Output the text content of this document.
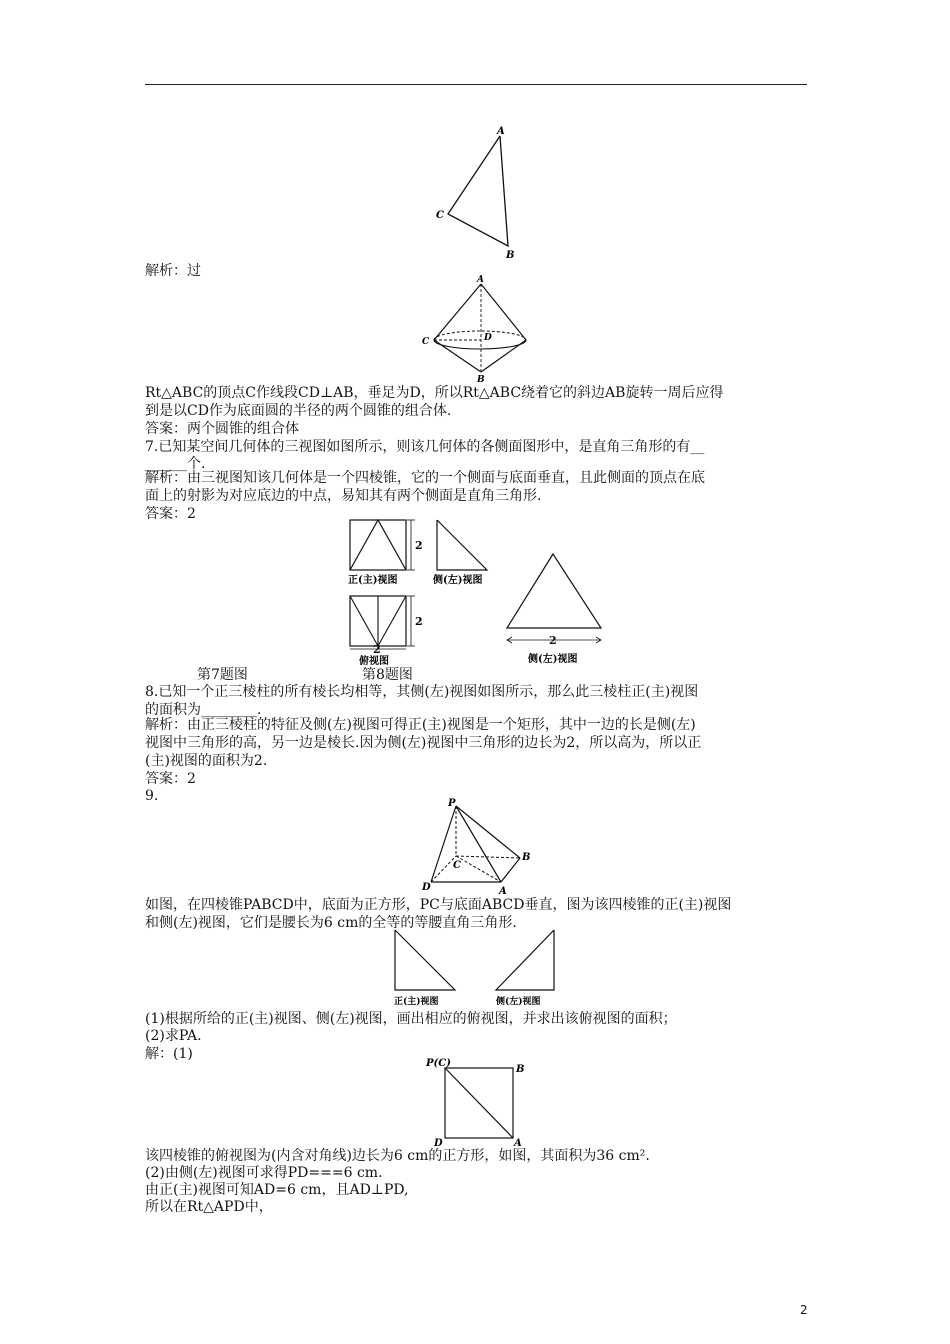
A
C
B
解析：过
A
C	D
B
Rt△ABC的顶点C作线段CD⊥AB，垂足为D，所以Rt△ABC绕着它的斜边AB旋转一周后应得
到是以CD作为底面圆的半径的两个圆锥的组合体.
答案：两个圆锥的组合体
7.已知某空间几何体的三视图如图所示，则该几何体的各侧面图形中，是直角三角形的有__
______个.
解析：由三视图知该几何体是一个四棱锥，它的一个侧面与底面垂直，且此侧面的顶点在底
面上的射影为对应底边的中点，易知其有两个侧面是直角三角形.
答案：2
2
正(主)视图	侧(左)视图
2
2
俯视图
2
侧(左)视图
第7题图	第8题图
8.已知一个正三棱柱的所有棱长均相等，其侧(左)视图如图所示，那么此三棱柱正(主)视图
的面积为________.
解析：由正三棱柱的特征及侧(左)视图可得正(主)视图是一个矩形，其中一边的长是侧(左)
视图中三角形的高，另一边是棱长.因为侧(左)视图中三角形的边长为2，所以高为，所以正
(主)视图的面积为2.
答案：2
9.	P
C
B
D	A
如图，在四棱锥PABCD中，底面为正方形，PC与底面ABCD垂直，图为该四棱锥的正(主)视图
和侧(左)视图，它们是腰长为6 cm的全等的等腰直角三角形.
正(主)视图	侧(左)视图
(1)根据所给的正(主)视图、侧(左)视图，画出相应的俯视图，并求出该俯视图的面积；
(2)求PA.
解：(1)
P(C)
B
D	A
该四棱锥的俯视图为(内含对角线)边长为6 cm的正方形，如图，其面积为36 cm².
(2)由侧(左)视图可求得PD===6 cm.
由正(主)视图可知AD=6 cm，且AD⊥PD,
所以在Rt△APD中，
2
